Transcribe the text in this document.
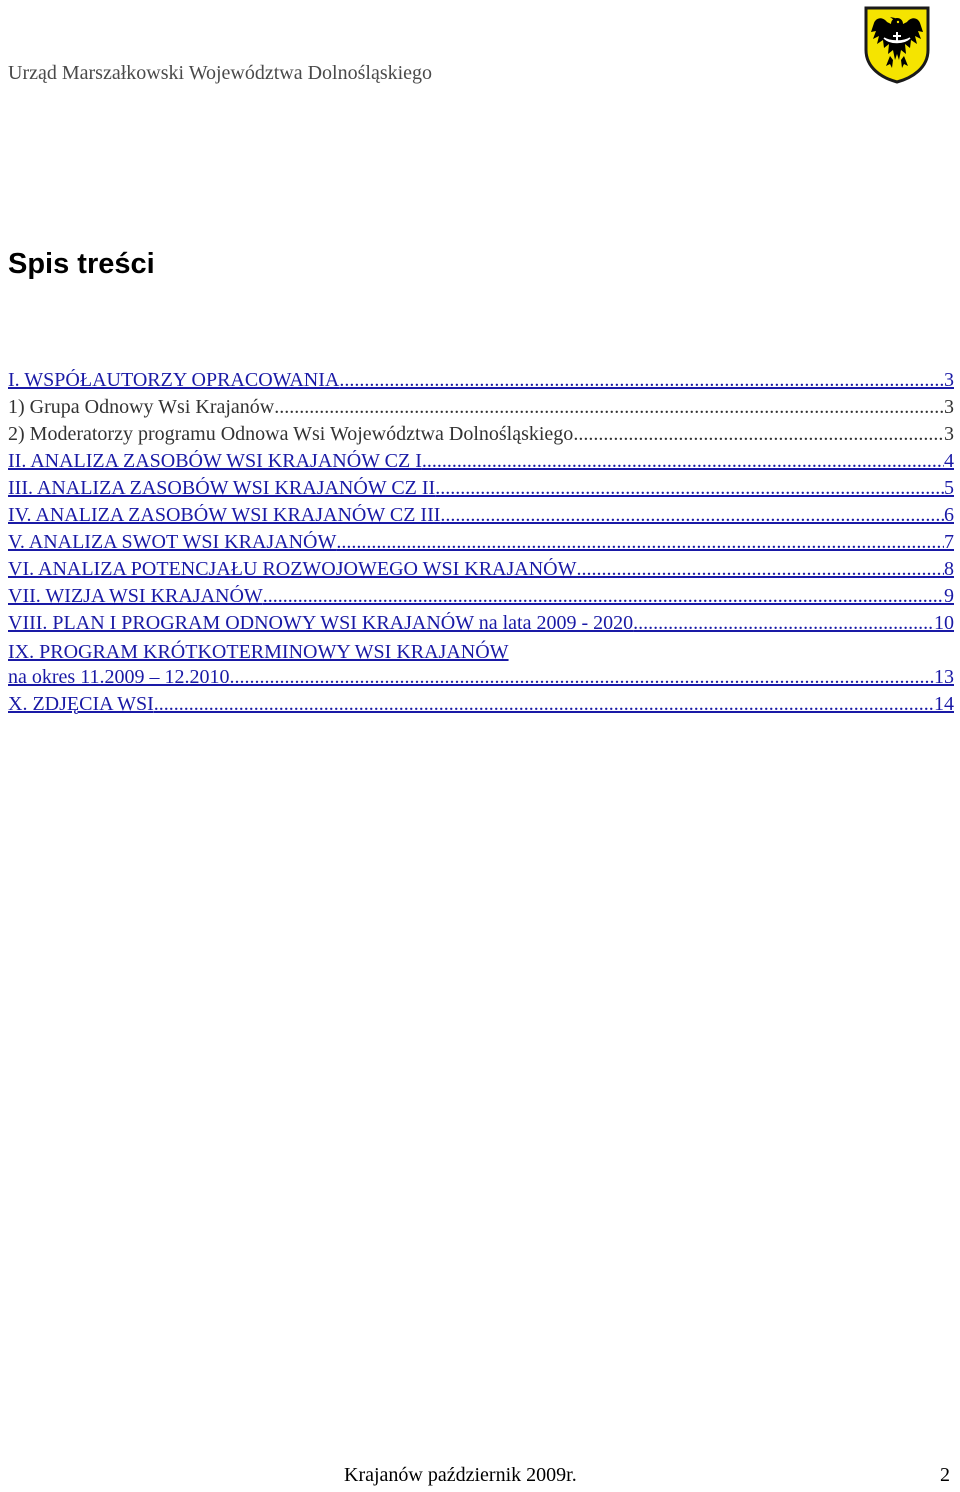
Urząd Marszałkowski Województwa Dolnośląskiego
Spis treści
I. WSPÓŁAUTORZY OPRACOWANIA .....	3
1) Grupa Odnowy Wsi Krajanów .....	3
2) Moderatorzy programu Odnowa Wsi Województwa Dolnośląskiego .....	3
II. ANALIZA ZASOBÓW WSI KRAJANÓW CZ I .....	4
III. ANALIZA ZASOBÓW WSI KRAJANÓW CZ II .....	5
IV. ANALIZA ZASOBÓW WSI KRAJANÓW CZ III .....	6
V. ANALIZA SWOT WSI KRAJANÓW .....	7
VI. ANALIZA POTENCJAŁU ROZWOJOWEGO WSI KRAJANÓW .....	8
VII. WIZJA WSI KRAJANÓW .....	9
VIII. PLAN I PROGRAM ODNOWY WSI KRAJANÓW na lata 2009 - 2020 .....	10
IX. PROGRAM KRÓTKOTERMINOWY WSI KRAJANÓW
na okres 11.2009 – 12.2010 .....	13
X. ZDJĘCIA WSI .....	14
Krajanów październik 2009r.	2
